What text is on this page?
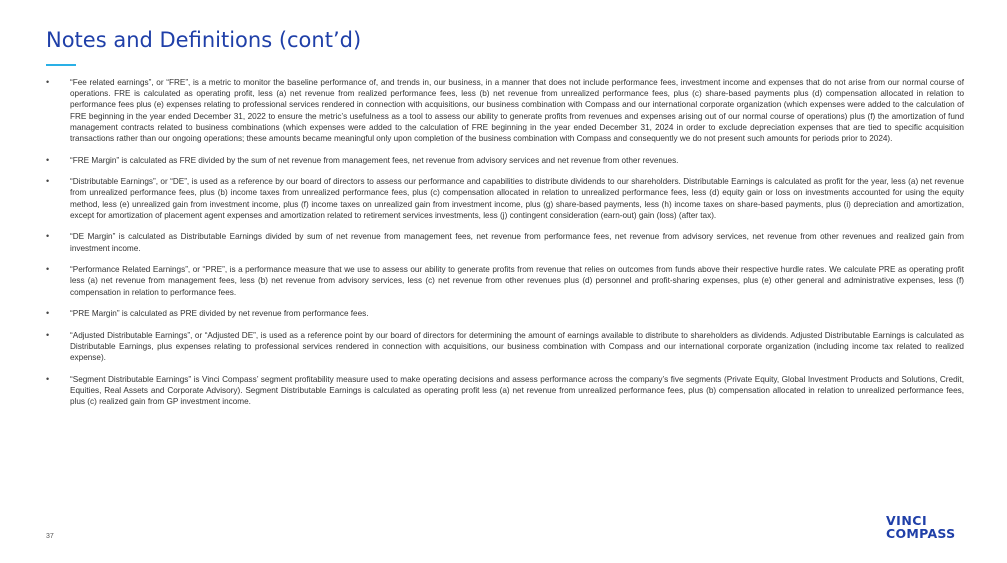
Notes and Definitions (cont’d)
•	“Fee related earnings”, or “FRE”, is a metric to monitor the baseline performance of, and trends in, our business, in a manner that does not include performance fees, investment income and expenses that do not arise from our normal course of operations. FRE is calculated as operating profit, less (a) net revenue from realized performance fees, less (b) net revenue from unrealized performance fees, plus (c) share-based payments plus (d) compensation allocated in relation to performance fees plus (e) expenses relating to professional services rendered in connection with acquisitions, our business combination with Compass and our international corporate organization (which expenses were added to the calculation of FRE beginning in the year ended December 31, 2022 to ensure the metric’s usefulness as a tool to assess our ability to generate profits from revenues and expenses arising out of our normal course of operations) plus (f) the amortization of fund management contracts related to business combinations (which expenses were added to the calculation of FRE beginning in the year ended December 31, 2024 in order to exclude depreciation expenses that are tied to specific acquisition transactions rather than our ongoing operations; these amounts became meaningful only upon completion of the business combination with Compass and consequently we do not present such amounts for periods prior to 2024).
•	“FRE Margin” is calculated as FRE divided by the sum of net revenue from management fees, net revenue from advisory services and net revenue from other revenues.
•	“Distributable Earnings”, or “DE”, is used as a reference by our board of directors to assess our performance and capabilities to distribute dividends to our shareholders. Distributable Earnings is calculated as profit for the year, less (a) net revenue from unrealized performance fees, plus (b) income taxes from unrealized performance fees, plus (c) compensation allocated in relation to unrealized performance fees, less (d) equity gain or loss on investments accounted for using the equity method, less (e) unrealized gain from investment income, plus (f) income taxes on unrealized gain from investment income, plus (g) share-based payments, less (h) income taxes on share-based payments, plus (i) depreciation and amortization, except for amortization of placement agent expenses and amortization related to retirement services investments, less (j) contingent consideration (earn-out) gain (loss) (after tax).
•	“DE Margin” is calculated as Distributable Earnings divided by sum of net revenue from management fees, net revenue from performance fees, net revenue from advisory services, net revenue from other revenues and realized gain from investment income.
•	“Performance Related Earnings”, or “PRE”, is a performance measure that we use to assess our ability to generate profits from revenue that relies on outcomes from funds above their respective hurdle rates. We calculate PRE as operating profit less (a) net revenue from management fees, less (b) net revenue from advisory services, less (c) net revenue from other revenues plus (d) personnel and profit-sharing expenses, plus (e) other general and administrative expenses, less (f) compensation in relation to performance fees.
•	“PRE Margin” is calculated as PRE divided by net revenue from performance fees.
•	“Adjusted Distributable Earnings”, or “Adjusted DE”, is used as a reference point by our board of directors for determining the amount of earnings available to distribute to shareholders as dividends. Adjusted Distributable Earnings is calculated as Distributable Earnings, plus expenses relating to professional services rendered in connection with acquisitions, our business combination with Compass and our international corporate organization (including income tax related to realized expense).
•	“Segment Distributable Earnings” is Vinci Compass’ segment profitability measure used to make operating decisions and assess performance across the company’s five segments (Private Equity, Global Investment Products and Solutions, Credit, Equities, Real Assets and Corporate Advisory). Segment Distributable Earnings is calculated as operating profit less (a) net revenue from unrealized performance fees, plus (b) compensation allocated in relation to unrealized performance fees, plus (c) realized gain from GP investment income.
37
VINCI
COMPASS
